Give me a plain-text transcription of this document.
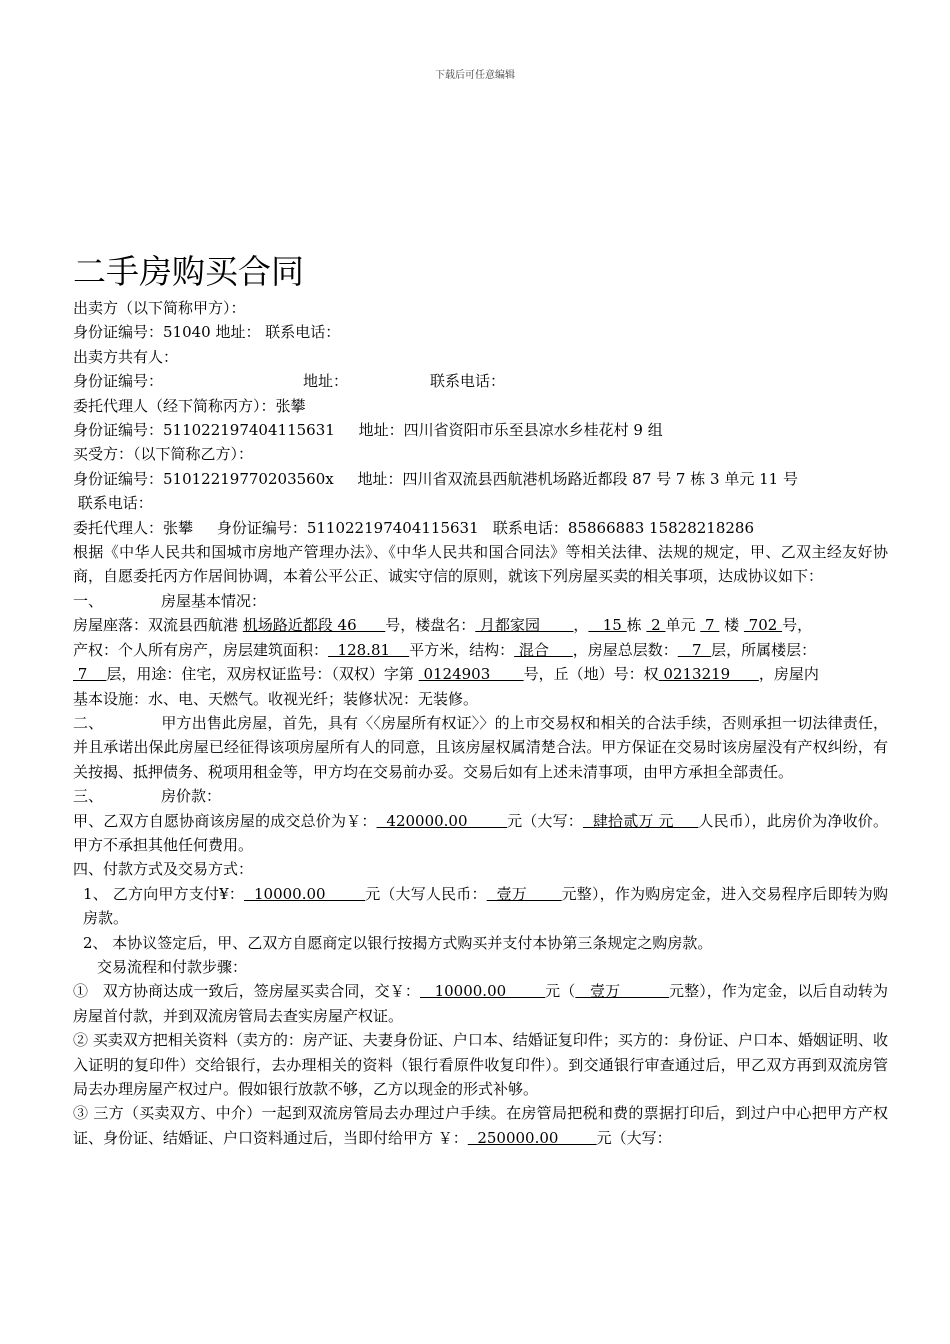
下载后可任意编辑
二手房购买合同
出卖方（以下简称甲方）：
身份证编号：51040 地址： 联系电话：
出卖方共有人：
身份证编号：	地址：	联系电话：
委托代理人（经下简称丙方）：张攀
身份证编号：511022197404115631     地址：四川省资阳市乐至县凉水乡桂花村 9 组
买受方：（以下简称乙方）：
身份证编号：51012219770203560x     地址：四川省双流县西航港机场路近都段 87 号 7 栋 3 单元 11 号
联系电话：
委托代理人：张攀     身份证编号：511022197404115631   联系电话：85866883 15828218286
根据《中华人民共和国城市房地产管理办法》、《中华人民共和国合同法》等相关法律、法规的规定，甲、乙双主经友好协商，自愿委托丙方作居间协调，本着公平公正、诚实守信的原则，就该下列房屋买卖的相关事项，达成协议如下：
一、	房屋基本情况：
房屋座落：双流县西航港 机场路近都段 46      号，楼盘名： 月都家园       ，   15 栋  2 单元  7  楼  702 号，
产权：个人所有房产，房层建筑面积：  128.81    平方米，结构： 混合     ，房屋总层数：   7  层，所属楼层：
7    层，用途：住宅，双房权证监号：（双权）字第  0124903       号，丘（地）号：权 0213219      ，房屋内
基本设施：水、电、天燃气。收视光纤；装修状况：无装修。
二、	甲方出售此房屋，首先，具有〈〈房屋所有权证〉〉的上市交易权和相关的合法手续，否则承担一切法律责任，并且承诺出保此房屋已经征得该项房屋所有人的同意，且该房屋权属清楚合法。甲方保证在交易时该房屋没有产权纠纷，有关按揭、抵押债务、税项用租金等，甲方均在交易前办妥。交易后如有上述未清事项，由甲方承担全部责任。
三、	房价款：
甲、乙双方自愿协商该房屋的成交总价为￥：  420000.00        元（大写：  肆拾贰万 元     人民币），此房价为净收价。甲方不承担其他任何费用。
四、付款方式及交易方式：
1、 乙方向甲方支付¥：  10000.00        元（大写人民币：  壹万       元整），作为购房定金，进入交易程序后即转为购房款。
2、 本协议签定后，甲、乙双方自愿商定以银行按揭方式购买并支付本协第三条规定之购房款。
交易流程和付款步骤：
①   双方协商达成一致后，签房屋买卖合同，交￥：   10000.00        元（   壹万          元整），作为定金，以后自动转为房屋首付款，并到双流房管局去查实房屋产权证。
② 买卖双方把相关资料（卖方的：房产证、夫妻身份证、户口本、结婚证复印件；买方的：身份证、户口本、婚姻证明、收入证明的复印件）交给银行，去办理相关的资料（银行看原件收复印件）。到交通银行审查通过后，甲乙双方再到双流房管局去办理房屋产权过户。假如银行放款不够，乙方以现金的形式补够。
③ 三方（买卖双方、中介）一起到双流房管局去办理过户手续。在房管局把税和费的票据打印后，到过户中心把甲方产权证、身份证、结婚证、户口资料通过后，当即付给甲方 ￥：  250000.00        元（大写：
